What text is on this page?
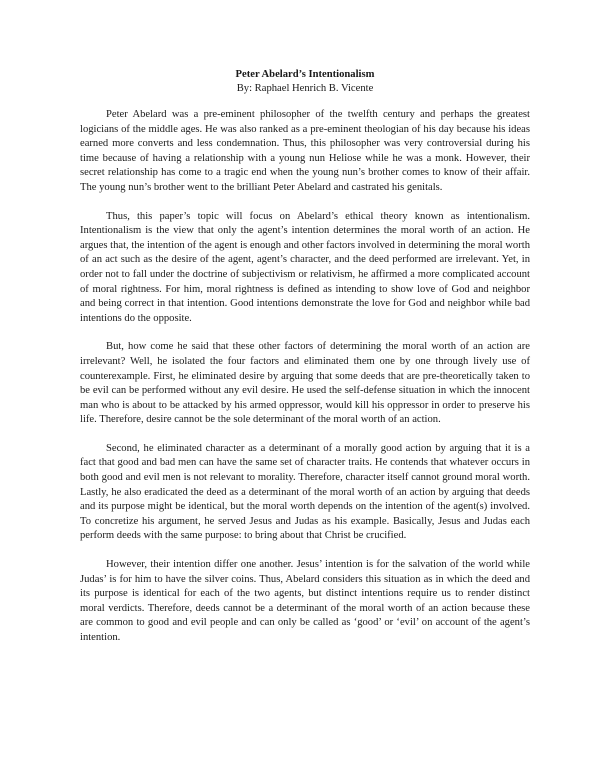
Peter Abelard’s Intentionalism

By: Raphael Henrich B. Vicente

Peter Abelard was a pre-eminent philosopher of the twelfth century and perhaps the greatest logicians of the middle ages. He was also ranked as a pre-eminent theologian of his day because his ideas earned more converts and less condemnation. Thus, this philosopher was very controversial during his time because of having a relationship with a young nun Heliose while he was a monk. However, their secret relationship has come to a tragic end when the young nun’s brother comes to know of their affair. The young nun’s brother went to the brilliant Peter Abelard and castrated his genitals.

Thus, this paper’s topic will focus on Abelard’s ethical theory known as intentionalism. Intentionalism is the view that only the agent’s intention determines the moral worth of an action. He argues that, the intention of the agent is enough and other factors involved in determining the moral worth of an act such as the desire of the agent, agent’s character, and the deed performed are irrelevant. Yet, in order not to fall under the doctrine of subjectivism or relativism, he affirmed a more complicated account of moral rightness. For him, moral rightness is defined as intending to show love of God and neighbor and being correct in that intention. Good intentions demonstrate the love for God and neighbor while bad intentions do the opposite.

But, how come he said that these other factors of determining the moral worth of an action are irrelevant? Well, he isolated the four factors and eliminated them one by one through lively use of counterexample. First, he eliminated desire by arguing that some deeds that are pre-theoretically taken to be evil can be performed without any evil desire. He used the self-defense situation in which the innocent man who is about to be attacked by his armed oppressor, would kill his oppressor in order to preserve his life. Therefore, desire cannot be the sole determinant of the moral worth of an action.

Second, he eliminated character as a determinant of a morally good action by arguing that it is a fact that good and bad men can have the same set of character traits. He contends that whatever occurs in both good and evil men is not relevant to morality. Therefore, character itself cannot ground moral worth. Lastly, he also eradicated the deed as a determinant of the moral worth of an action by arguing that deeds and its purpose might be identical, but the moral worth depends on the intention of the agent(s) involved. To concretize his argument, he served Jesus and Judas as his example. Basically, Jesus and Judas each perform deeds with the same purpose: to bring about that Christ be crucified.

However, their intention differ one another. Jesus’ intention is for the salvation of the world while Judas’ is for him to have the silver coins. Thus, Abelard considers this situation as in which the deed and its purpose is identical for each of the two agents, but distinct intentions require us to render distinct moral verdicts. Therefore, deeds cannot be a determinant of the moral worth of an action because these are common to good and evil people and can only be called as ‘good’ or ‘evil’ on account of the agent’s intention.
